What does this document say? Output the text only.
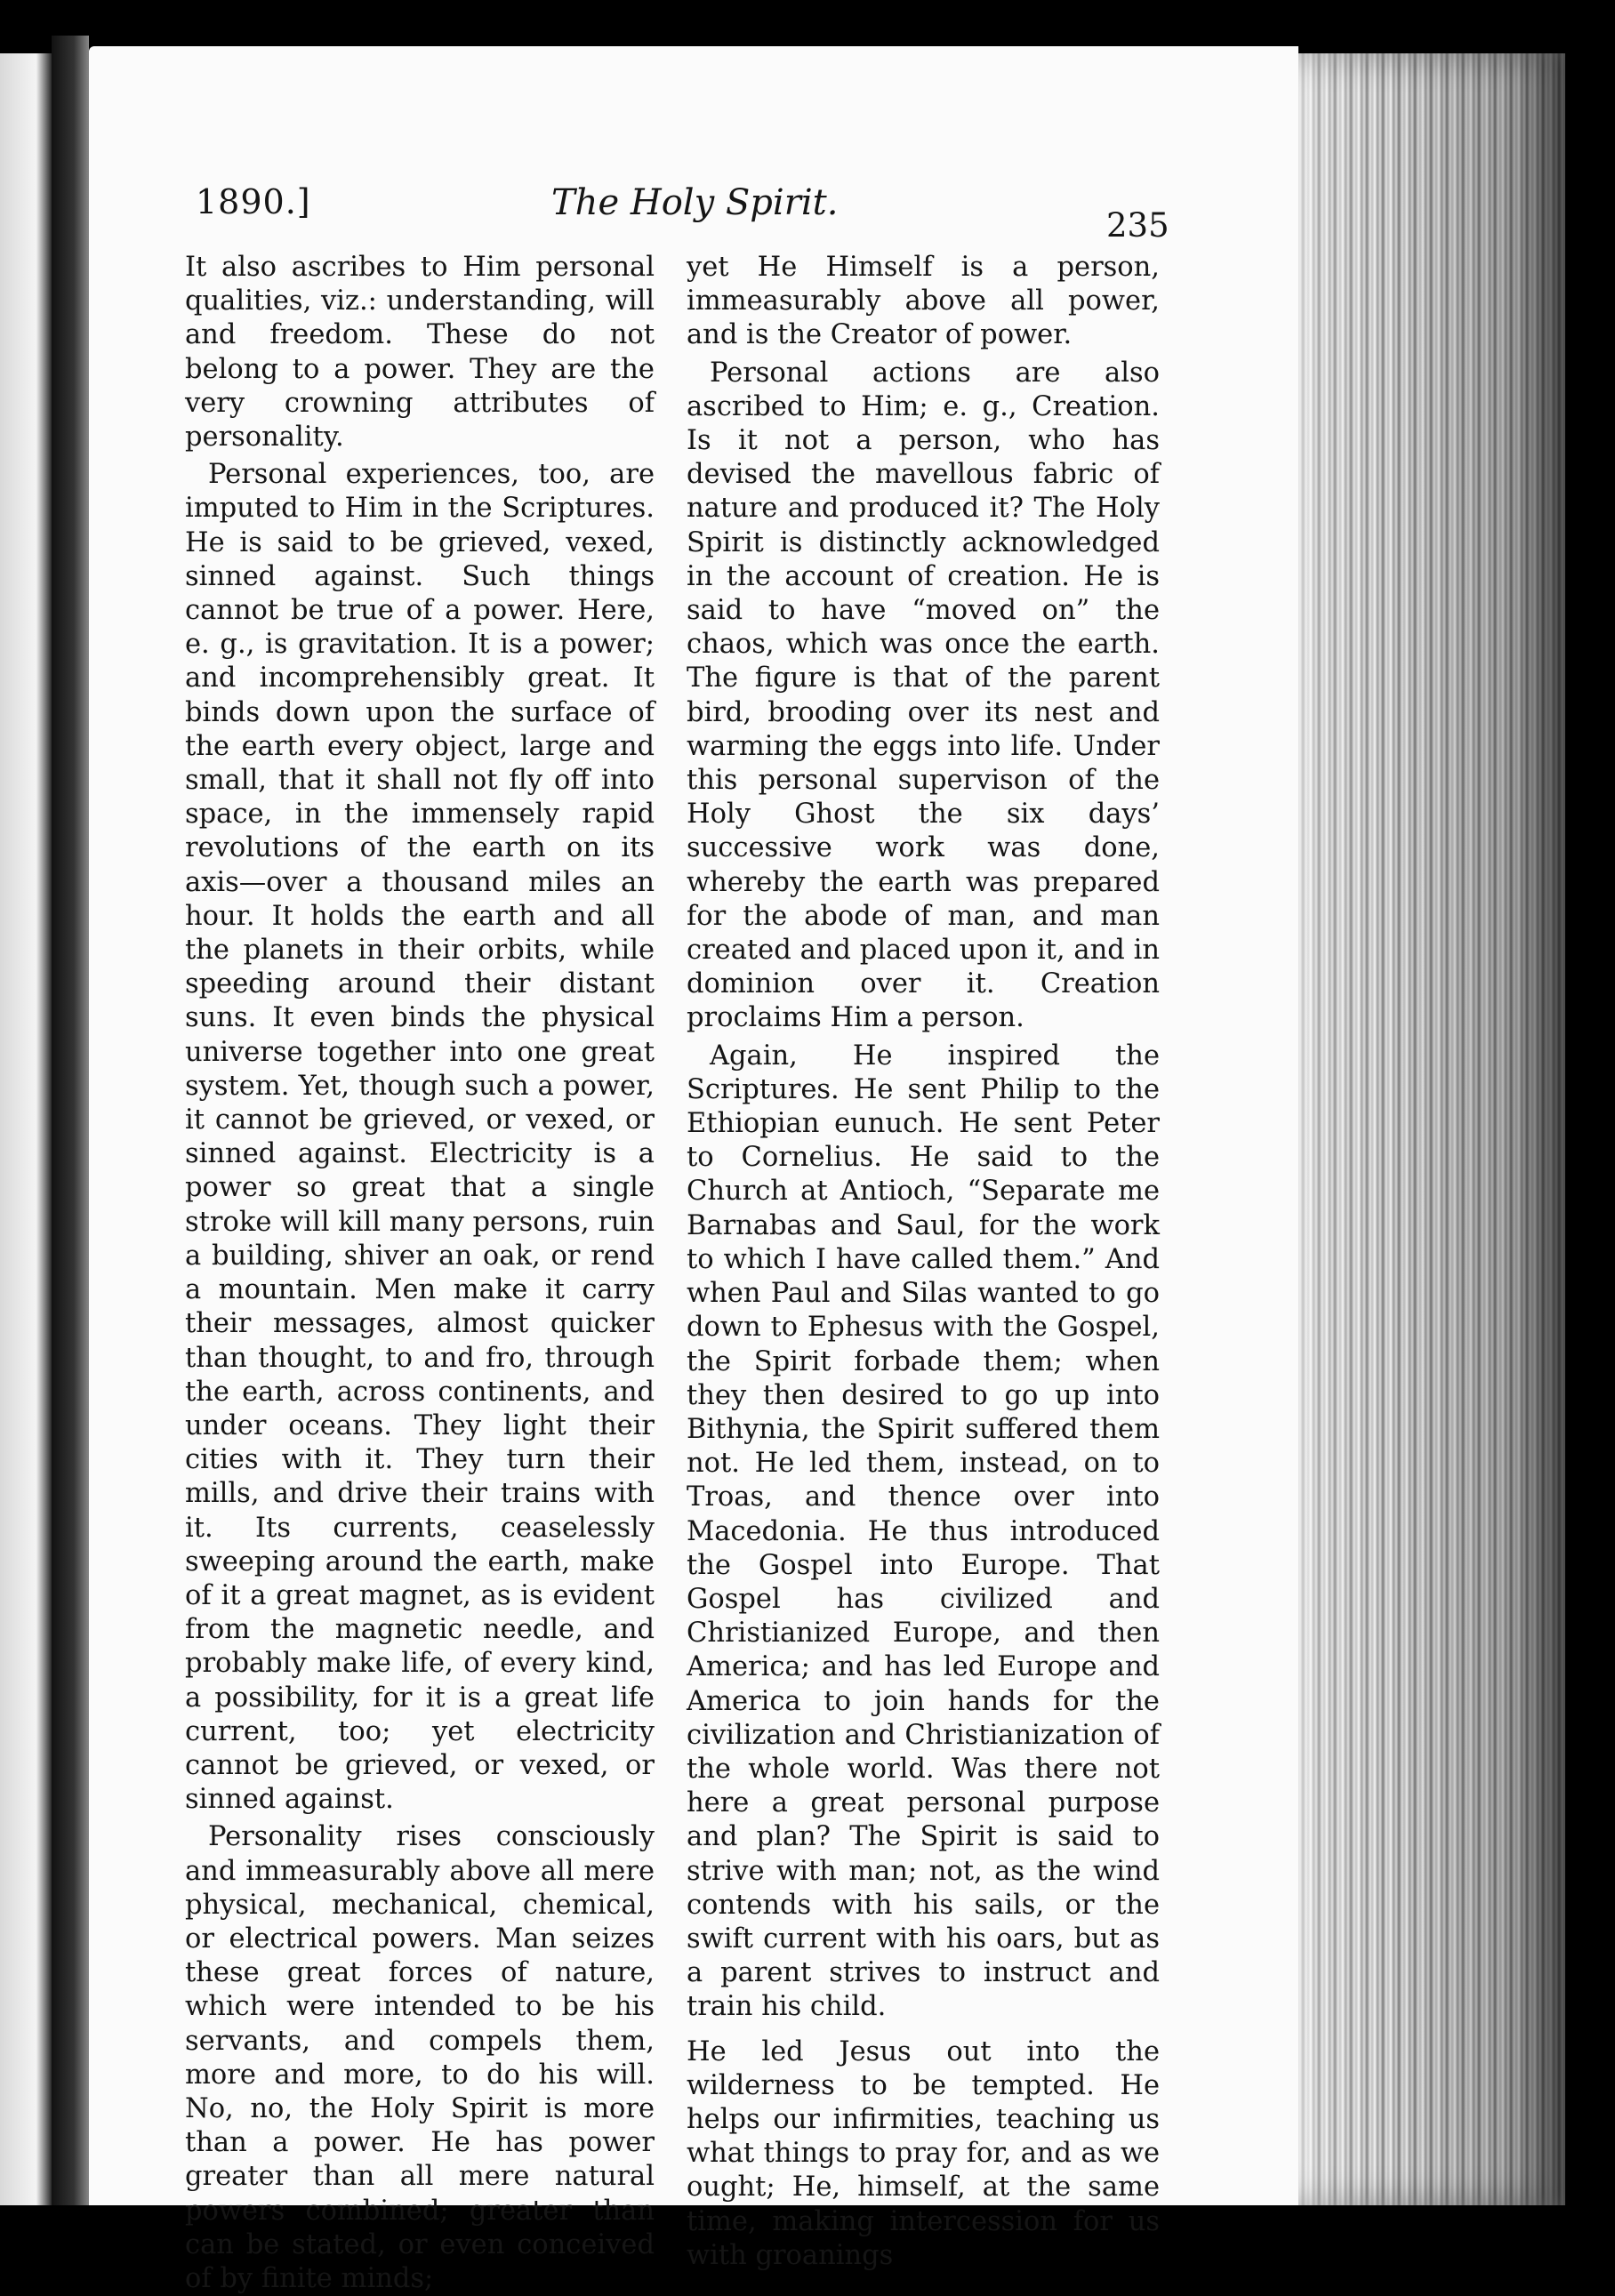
1890.]	The Holy Spirit.
235

It also ascribes to Him personal qualities, viz.: understanding, will and freedom. These do not belong to a power. They are the very crowning attributes of personality.

Personal experiences, too, are imputed to Him in the Scriptures. He is said to be grieved, vexed, sinned against. Such things cannot be true of a power. Here, e. g., is gravitation. It is a power; and incomprehensibly great. It binds down upon the surface of the earth every object, large and small, that it shall not fly off into space, in the immensely rapid revolutions of the earth on its axis—over a thousand miles an hour. It holds the earth and all the planets in their orbits, while speeding around their distant suns. It even binds the physical universe together into one great system. Yet, though such a power, it cannot be grieved, or vexed, or sinned against. Electricity is a power so great that a single stroke will kill many persons, ruin a building, shiver an oak, or rend a mountain. Men make it carry their messages, almost quicker than thought, to and fro, through the earth, across continents, and under oceans. They light their cities with it. They turn their mills, and drive their trains with it. Its currents, ceaselessly sweeping around the earth, make of it a great magnet, as is evident from the magnetic needle, and probably make life, of every kind, a possibility, for it is a great life current, too; yet electricity cannot be grieved, or vexed, or sinned against.

Personality rises consciously and immeasurably above all mere physical, mechanical, chemical, or electrical powers. Man seizes these great forces of nature, which were intended to be his servants, and compels them, more and more, to do his will. No, no, the Holy Spirit is more than a power. He has power greater than all mere natural powers combined; greater than can be stated, or even conceived of by finite minds;

yet He Himself is a person, immeasurably above all power, and is the Creator of power.

Personal actions are also ascribed to Him; e. g., Creation. Is it not a person, who has devised the mavellous fabric of nature and produced it? The Holy Spirit is distinctly acknowledged in the account of creation. He is said to have “moved on” the chaos, which was once the earth. The figure is that of the parent bird, brooding over its nest and warming the eggs into life. Under this personal supervison of the Holy Ghost the six days’ successive work was done, whereby the earth was prepared for the abode of man, and man created and placed upon it, and in dominion over it. Creation proclaims Him a person.

Again, He inspired the Scriptures. He sent Philip to the Ethiopian eunuch. He sent Peter to Cornelius. He said to the Church at Antioch, “Separate me Barnabas and Saul, for the work to which I have called them.” And when Paul and Silas wanted to go down to Ephesus with the Gospel, the Spirit forbade them; when they then desired to go up into Bithynia, the Spirit suffered them not. He led them, instead, on to Troas, and thence over into Macedonia. He thus introduced the Gospel into Europe. That Gospel has civilized and Christianized Europe, and then America; and has led Europe and America to join hands for the civilization and Christianization of the whole world. Was there not here a great personal purpose and plan? The Spirit is said to strive with man; not, as the wind contends with his sails, or the swift current with his oars, but as a parent strives to instruct and train his child.

He led Jesus out into the wilderness to be tempted. He helps our infirmities, teaching us what things to pray for, and as we ought; He, himself, at the same time, making intercession for us with groanings
